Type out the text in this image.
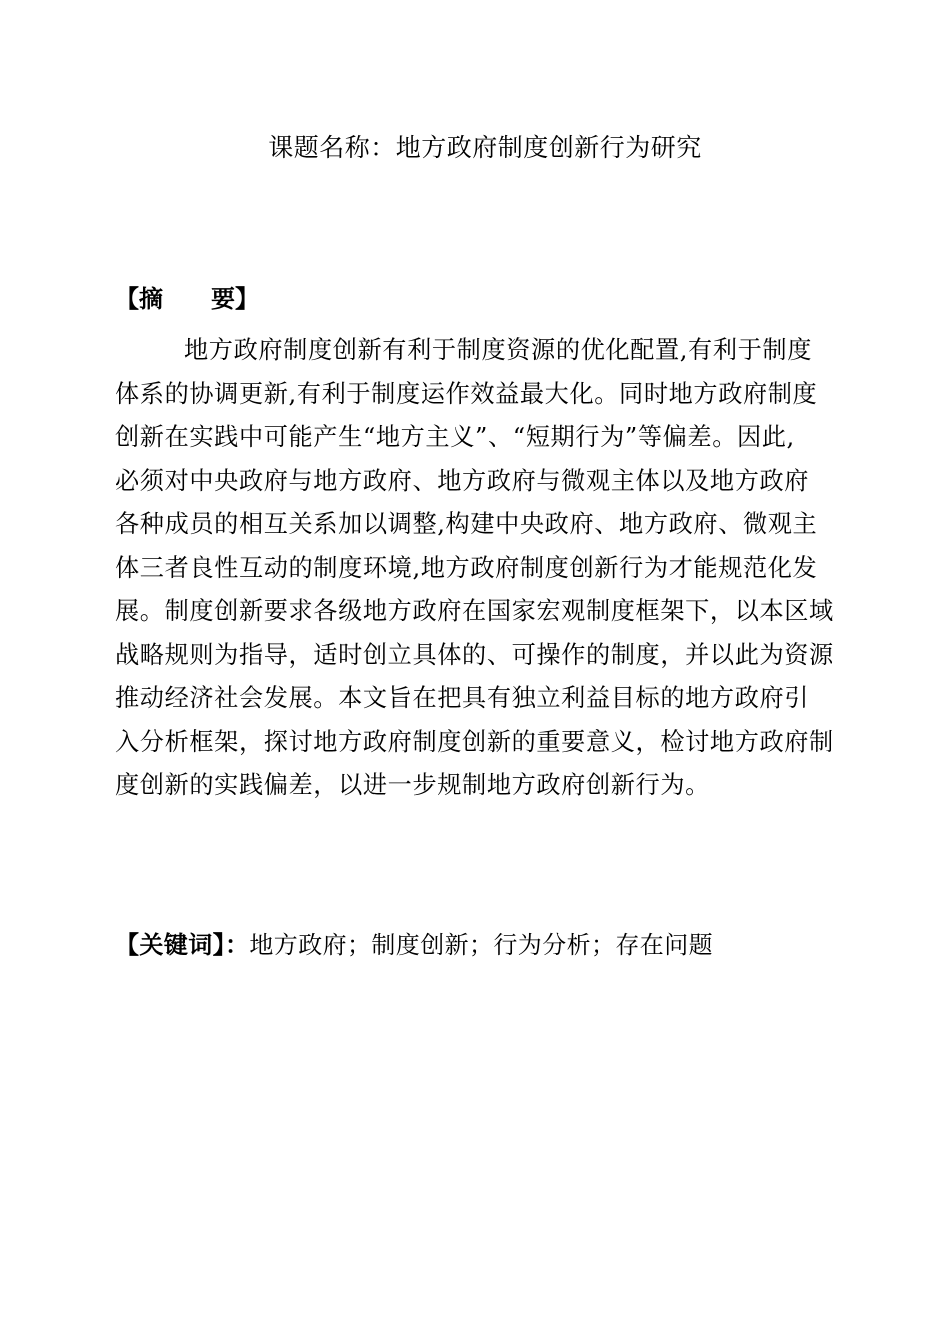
课题名称：地方政府制度创新行为研究
【摘　　要】
地方政府制度创新有利于制度资源的优化配置,有利于制度
体系的协调更新,有利于制度运作效益最大化。同时地方政府制度
创新在实践中可能产生“地方主义”、“短期行为”等偏差。因此,
必须对中央政府与地方政府、地方政府与微观主体以及地方政府
各种成员的相互关系加以调整,构建中央政府、地方政府、微观主
体三者良性互动的制度环境,地方政府制度创新行为才能规范化发
展。制度创新要求各级地方政府在国家宏观制度框架下，以本区域
战略规则为指导，适时创立具体的、可操作的制度，并以此为资源
推动经济社会发展。本文旨在把具有独立利益目标的地方政府引
入分析框架，探讨地方政府制度创新的重要意义，检讨地方政府制
度创新的实践偏差，以进一步规制地方政府创新行为。
【关键词】：地方政府；制度创新；行为分析；存在问题
